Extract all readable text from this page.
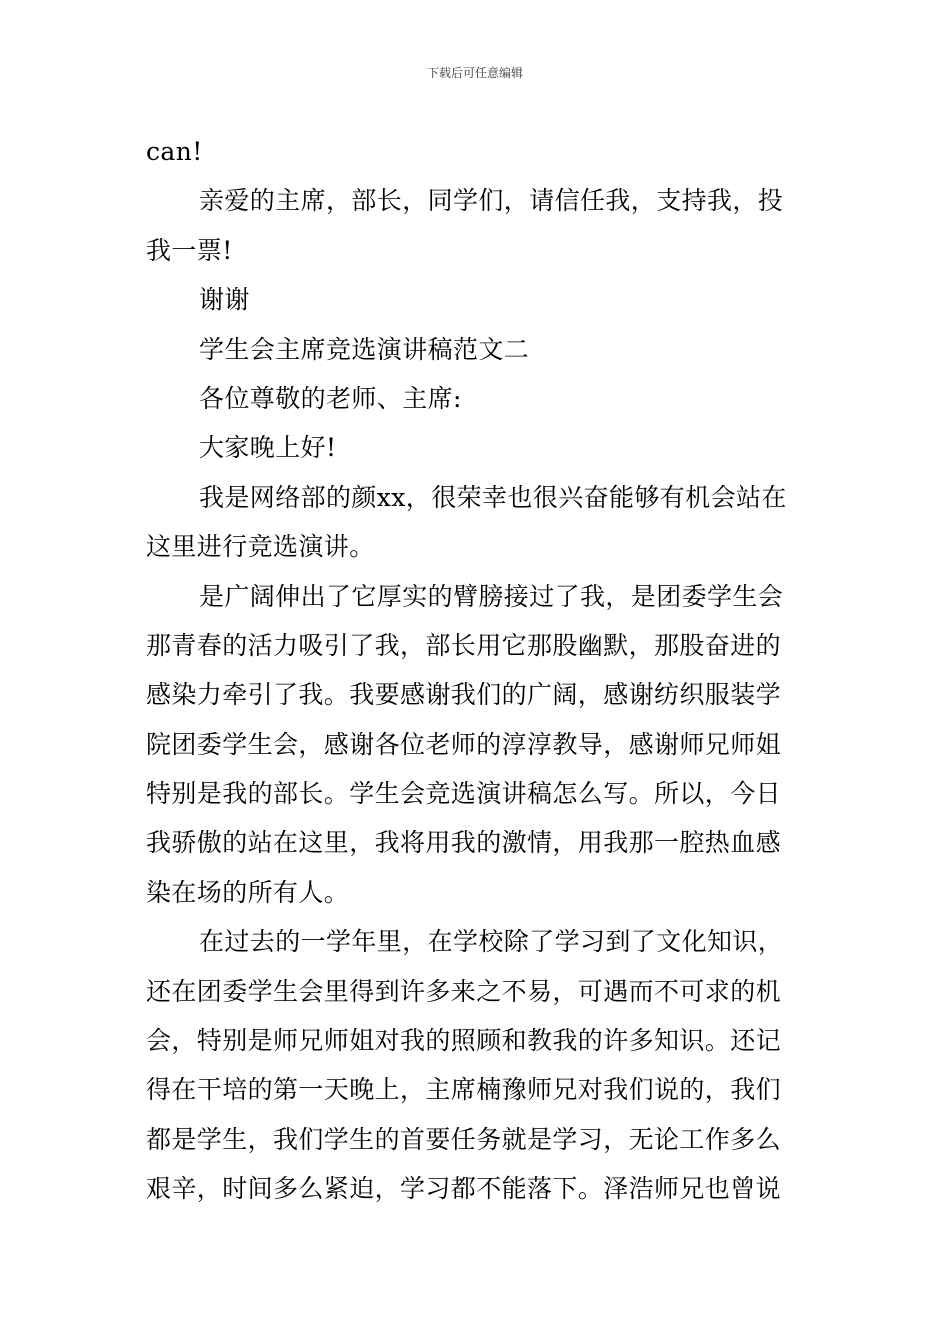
下载后可任意编辑
can!
亲爱的主席，部长，同学们，请信任我，支持我，投
我一票!
谢谢
学生会主席竞选演讲稿范文二
各位尊敬的老师、主席:
大家晚上好!
我是网络部的颜xx，很荣幸也很兴奋能够有机会站在
这里进行竞选演讲。
是广阔伸出了它厚实的臂膀接过了我，是团委学生会
那青春的活力吸引了我，部长用它那股幽默，那股奋进的
感染力牵引了我。我要感谢我们的广阔，感谢纺织服装学
院团委学生会，感谢各位老师的淳淳教导，感谢师兄师姐
特别是我的部长。学生会竞选演讲稿怎么写。所以，今日
我骄傲的站在这里，我将用我的激情，用我那一腔热血感
染在场的所有人。
在过去的一学年里，在学校除了学习到了文化知识，
还在团委学生会里得到许多来之不易，可遇而不可求的机
会，特别是师兄师姐对我的照顾和教我的许多知识。还记
得在干培的第一天晚上，主席楠豫师兄对我们说的，我们
都是学生，我们学生的首要任务就是学习，无论工作多么
艰辛，时间多么紧迫，学习都不能落下。泽浩师兄也曾说
